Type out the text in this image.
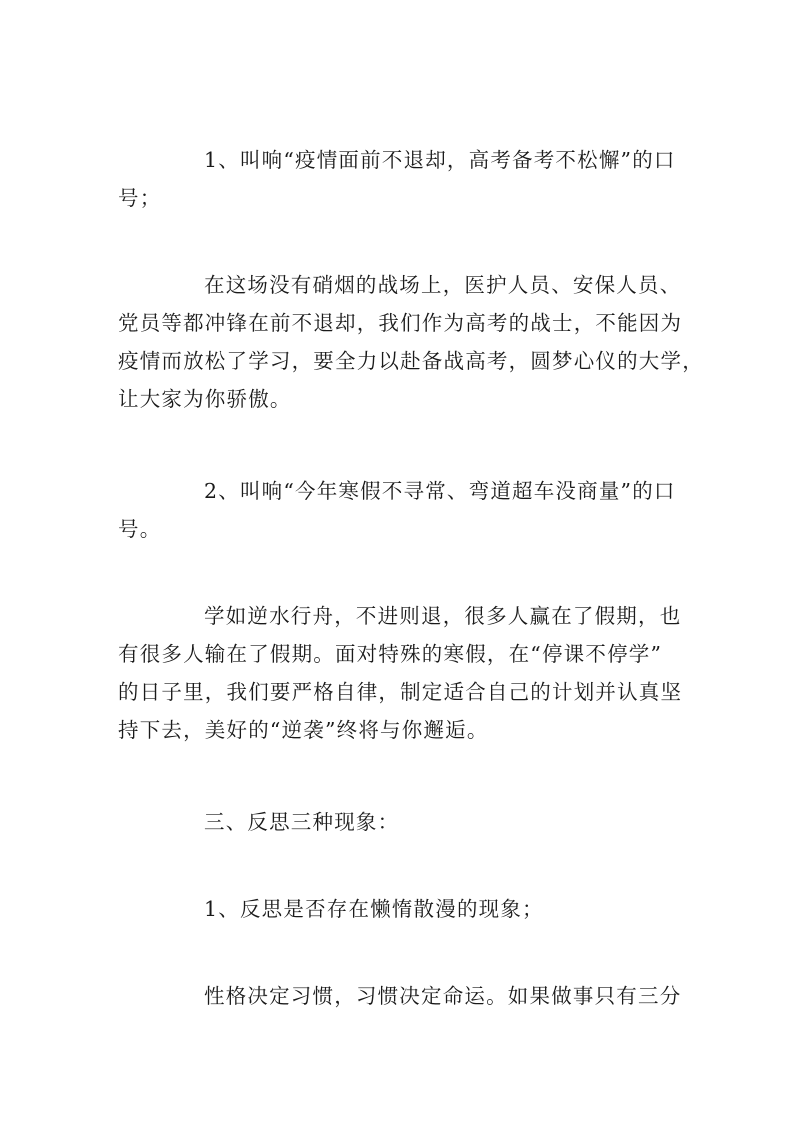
1、叫响“疫情面前不退却，高考备考不松懈”的口
号；
在这场没有硝烟的战场上，医护人员、安保人员、
党员等都冲锋在前不退却，我们作为高考的战士，不能因为
疫情而放松了学习，要全力以赴备战高考，圆梦心仪的大学，
让大家为你骄傲。
2、叫响“今年寒假不寻常、弯道超车没商量”的口
号。
学如逆水行舟，不进则退，很多人赢在了假期，也
有很多人输在了假期。面对特殊的寒假，在“停课不停学”
的日子里，我们要严格自律，制定适合自己的计划并认真坚
持下去，美好的“逆袭”终将与你邂逅。
三、反思三种现象：
1、反思是否存在懒惰散漫的现象；
性格决定习惯，习惯决定命运。如果做事只有三分
